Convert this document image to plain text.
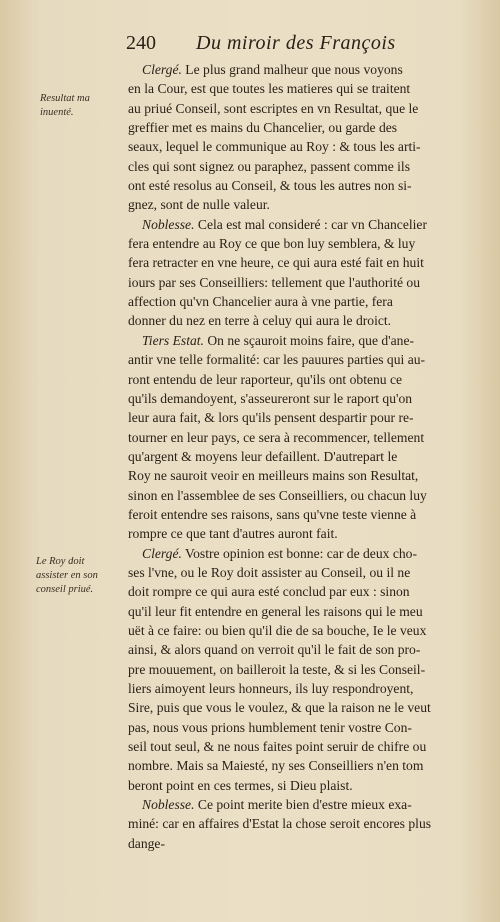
240 Du miroir des François
Resultat ma
inuenté.
Le Roy doit
assister en son
conseil priué.
Clergé. Le plus grand malheur que nous voyons
en la Cour, est que toutes les matieres qui se traitent
au priué Conseil, sont escriptes en vn Resultat, que le
greffier met es mains du Chancelier, ou garde des
seaux, lequel le communique au Roy : & tous les arti-
cles qui sont signez ou paraphez, passent comme ils
ont esté resolus au Conseil, & tous les autres non si-
gnez, sont de nulle valeur.
Noblesse. Cela est mal consideré : car vn Chancelier
fera entendre au Roy ce que bon luy semblera, & luy
fera retracter en vne heure, ce qui aura esté fait en huit
iours par ses Conseilliers: tellement que l'authorité ou
affection qu'vn Chancelier aura à vne partie, fera
donner du nez en terre à celuy qui aura le droict.
Tiers Estat. On ne sçauroit moins faire, que d'ane-
antir vne telle formalité: car les pauures parties qui au-
ront entendu de leur raporteur, qu'ils ont obtenu ce
qu'ils demandoyent, s'asseureront sur le raport qu'on
leur aura fait, & lors qu'ils pensent despartir pour re-
tourner en leur pays, ce sera à recommencer, tellement
qu'argent & moyens leur defaillent. D'autrepart le
Roy ne sauroit veoir en meilleurs mains son Resultat,
sinon en l'assemblee de ses Conseilliers, ou chacun luy
feroit entendre ses raisons, sans qu'vne teste vienne à
rompre ce que tant d'autres auront fait.
Clergé. Vostre opinion est bonne: car de deux cho-
ses l'vne, ou le Roy doit assister au Conseil, ou il ne
doit rompre ce qui aura esté conclud par eux : sinon
qu'il leur fit entendre en general les raisons qui le meu
uët à ce faire: ou bien qu'il die de sa bouche, Ie le veux
ainsi, & alors quand on verroit qu'il le fait de son pro-
pre mouuement, on bailleroit la teste, & si les Conseil-
liers aimoyent leurs honneurs, ils luy respondroyent,
Sire, puis que vous le voulez, & que la raison ne le veut
pas, nous vous prions humblement tenir vostre Con-
seil tout seul, & ne nous faites point seruir de chifre ou
nombre. Mais sa Maiesté, ny ses Conseilliers n'en tom
beront point en ces termes, si Dieu plaist.
Noblesse. Ce point merite bien d'estre mieux exa-
miné: car en affaires d'Estat la chose seroit encores plus
dange-
